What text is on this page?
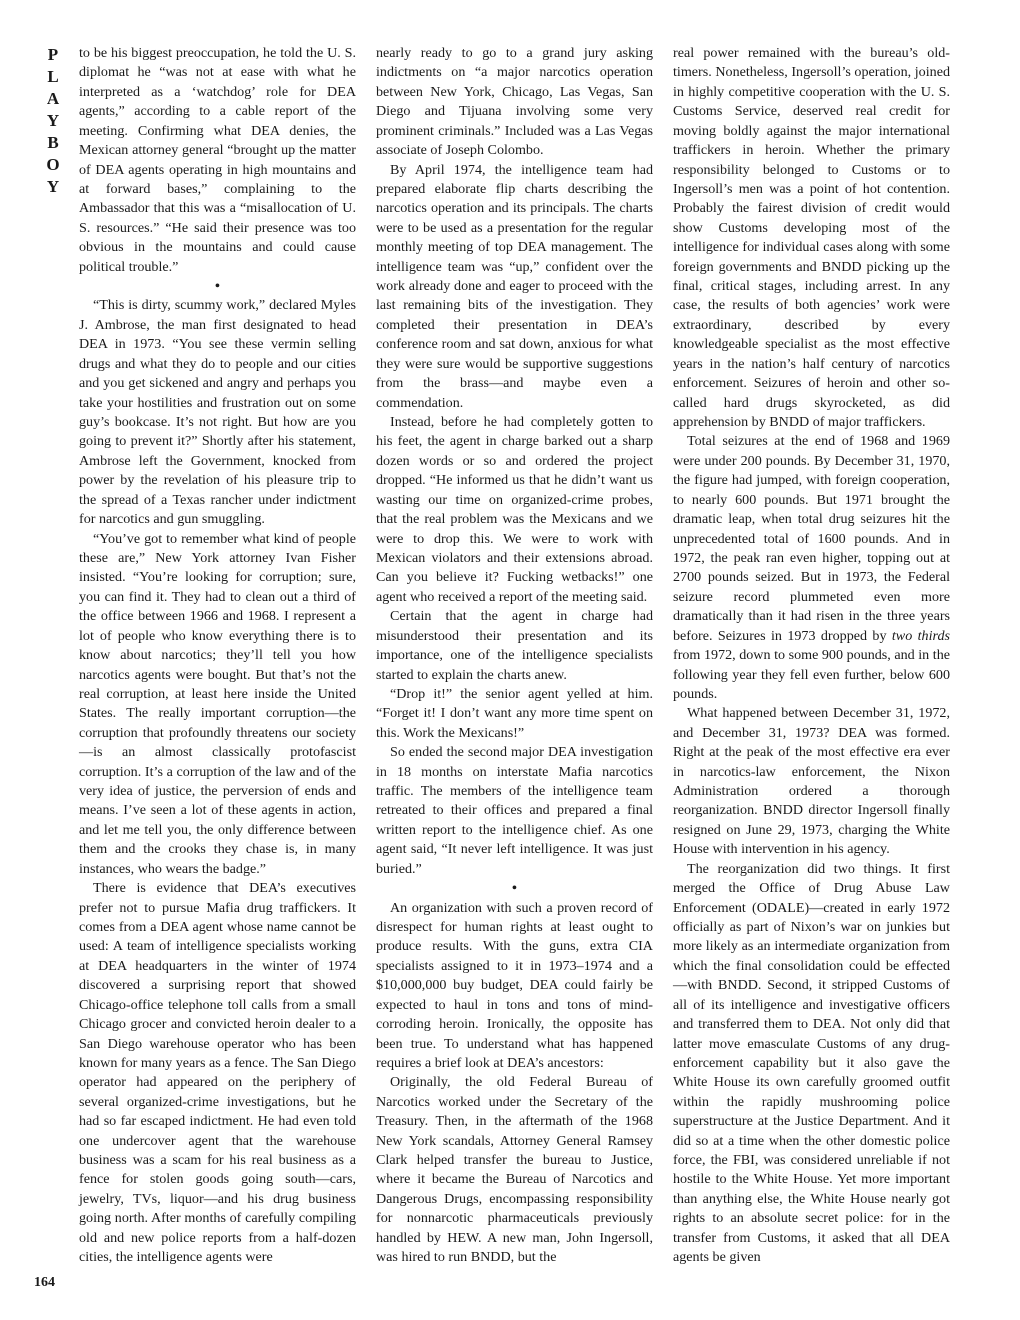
P
L
A
Y
B
O
Y

to be his biggest preoccupation, he told the U. S. diplomat he “was not at ease with what he interpreted as a ‘watchdog’ role for DEA agents,” according to a cable report of the meeting. Confirming what DEA denies, the Mexican attorney general “brought up the matter of DEA agents operating in high mountains and at forward bases,” complaining to the Ambassador that this was a “misallocation of U. S. resources.” “He said their presence was too obvious in the mountains and could cause political trouble.”

•

“This is dirty, scummy work,” declared Myles J. Ambrose, the man first designated to head DEA in 1973. “You see these vermin selling drugs and what they do to people and our cities and you get sickened and angry and perhaps you take your hostilities and frustration out on some guy’s bookcase. It’s not right. But how are you going to prevent it?” Shortly after his statement, Ambrose left the Government, knocked from power by the revelation of his pleasure trip to the spread of a Texas rancher under indictment for narcotics and gun smuggling.

“You’ve got to remember what kind of people these are,” New York attorney Ivan Fisher insisted. “You’re looking for corruption; sure, you can find it. They had to clean out a third of the office between 1966 and 1968. I represent a lot of people who know everything there is to know about narcotics; they’ll tell you how narcotics agents were bought. But that’s not the real corruption, at least here inside the United States. The really important corruption—the corruption that profoundly threatens our society—is an almost classically protofascist corruption. It’s a corruption of the law and of the very idea of justice, the perversion of ends and means. I’ve seen a lot of these agents in action, and let me tell you, the only difference between them and the crooks they chase is, in many instances, who wears the badge.”

There is evidence that DEA’s executives prefer not to pursue Mafia drug traffickers. It comes from a DEA agent whose name cannot be used: A team of intelligence specialists working at DEA headquarters in the winter of 1974 discovered a surprising report that showed Chicago-office telephone toll calls from a small Chicago grocer and convicted heroin dealer to a San Diego warehouse operator who has been known for many years as a fence. The San Diego operator had appeared on the periphery of several organized-crime investigations, but he had so far escaped indictment. He had even told one undercover agent that the warehouse business was a scam for his real business as a fence for stolen goods going south—cars, jewelry, TVs, liquor—and his drug business going north. After months of carefully compiling old and new police reports from a half-dozen cities, the intelligence agents were

nearly ready to go to a grand jury asking indictments on “a major narcotics operation between New York, Chicago, Las Vegas, San Diego and Tijuana involving some very prominent criminals.” Included was a Las Vegas associate of Joseph Colombo.

By April 1974, the intelligence team had prepared elaborate flip charts describing the narcotics operation and its principals. The charts were to be used as a presentation for the regular monthly meeting of top DEA management. The intelligence team was “up,” confident over the work already done and eager to proceed with the last remaining bits of the investigation. They completed their presentation in DEA’s conference room and sat down, anxious for what they were sure would be supportive suggestions from the brass—and maybe even a commendation.

Instead, before he had completely gotten to his feet, the agent in charge barked out a sharp dozen words or so and ordered the project dropped. “He informed us that he didn’t want us wasting our time on organized-crime probes, that the real problem was the Mexicans and we were to drop this. We were to work with Mexican violators and their extensions abroad. Can you believe it? Fucking wetbacks!” one agent who received a report of the meeting said.

Certain that the agent in charge had misunderstood their presentation and its importance, one of the intelligence specialists started to explain the charts anew.

“Drop it!” the senior agent yelled at him. “Forget it! I don’t want any more time spent on this. Work the Mexicans!”

So ended the second major DEA investigation in 18 months on interstate Mafia narcotics traffic. The members of the intelligence team retreated to their offices and prepared a final written report to the intelligence chief. As one agent said, “It never left intelligence. It was just buried.”

•

An organization with such a proven record of disrespect for human rights at least ought to produce results. With the guns, extra CIA specialists assigned to it in 1973–1974 and a $10,000,000 buy budget, DEA could fairly be expected to haul in tons and tons of mind-corroding heroin. Ironically, the opposite has been true. To understand what has happened requires a brief look at DEA’s ancestors:

Originally, the old Federal Bureau of Narcotics worked under the Secretary of the Treasury. Then, in the aftermath of the 1968 New York scandals, Attorney General Ramsey Clark helped transfer the bureau to Justice, where it became the Bureau of Narcotics and Dangerous Drugs, encompassing responsibility for nonnarcotic pharmaceuticals previously handled by HEW. A new man, John Ingersoll, was hired to run BNDD, but the

real power remained with the bureau’s old-timers. Nonetheless, Ingersoll’s operation, joined in highly competitive cooperation with the U. S. Customs Service, deserved real credit for moving boldly against the major international traffickers in heroin. Whether the primary responsibility belonged to Customs or to Ingersoll’s men was a point of hot contention. Probably the fairest division of credit would show Customs developing most of the intelligence for individual cases along with some foreign governments and BNDD picking up the final, critical stages, including arrest. In any case, the results of both agencies’ work were extraordinary, described by every knowledgeable specialist as the most effective years in the nation’s half century of narcotics enforcement. Seizures of heroin and other so-called hard drugs skyrocketed, as did apprehension by BNDD of major traffickers.

Total seizures at the end of 1968 and 1969 were under 200 pounds. By December 31, 1970, the figure had jumped, with foreign cooperation, to nearly 600 pounds. But 1971 brought the dramatic leap, when total drug seizures hit the unprecedented total of 1600 pounds. And in 1972, the peak ran even higher, topping out at 2700 pounds seized. But in 1973, the Federal seizure record plummeted even more dramatically than it had risen in the three years before. Seizures in 1973 dropped by two thirds from 1972, down to some 900 pounds, and in the following year they fell even further, below 600 pounds.

What happened between December 31, 1972, and December 31, 1973? DEA was formed. Right at the peak of the most effective era ever in narcotics-law enforcement, the Nixon Administration ordered a thorough reorganization. BNDD director Ingersoll finally resigned on June 29, 1973, charging the White House with intervention in his agency.

The reorganization did two things. It first merged the Office of Drug Abuse Law Enforcement (ODALE)—created in early 1972 officially as part of Nixon’s war on junkies but more likely as an intermediate organization from which the final consolidation could be effected—with BNDD. Second, it stripped Customs of all of its intelligence and investigative officers and transferred them to DEA. Not only did that latter move emasculate Customs of any drug-enforcement capability but it also gave the White House its own carefully groomed outfit within the rapidly mushrooming police superstructure at the Justice Department. And it did so at a time when the other domestic police force, the FBI, was considered unreliable if not hostile to the White House. Yet more important than anything else, the White House nearly got rights to an absolute secret police: for in the transfer from Customs, it asked that all DEA agents be given

164
